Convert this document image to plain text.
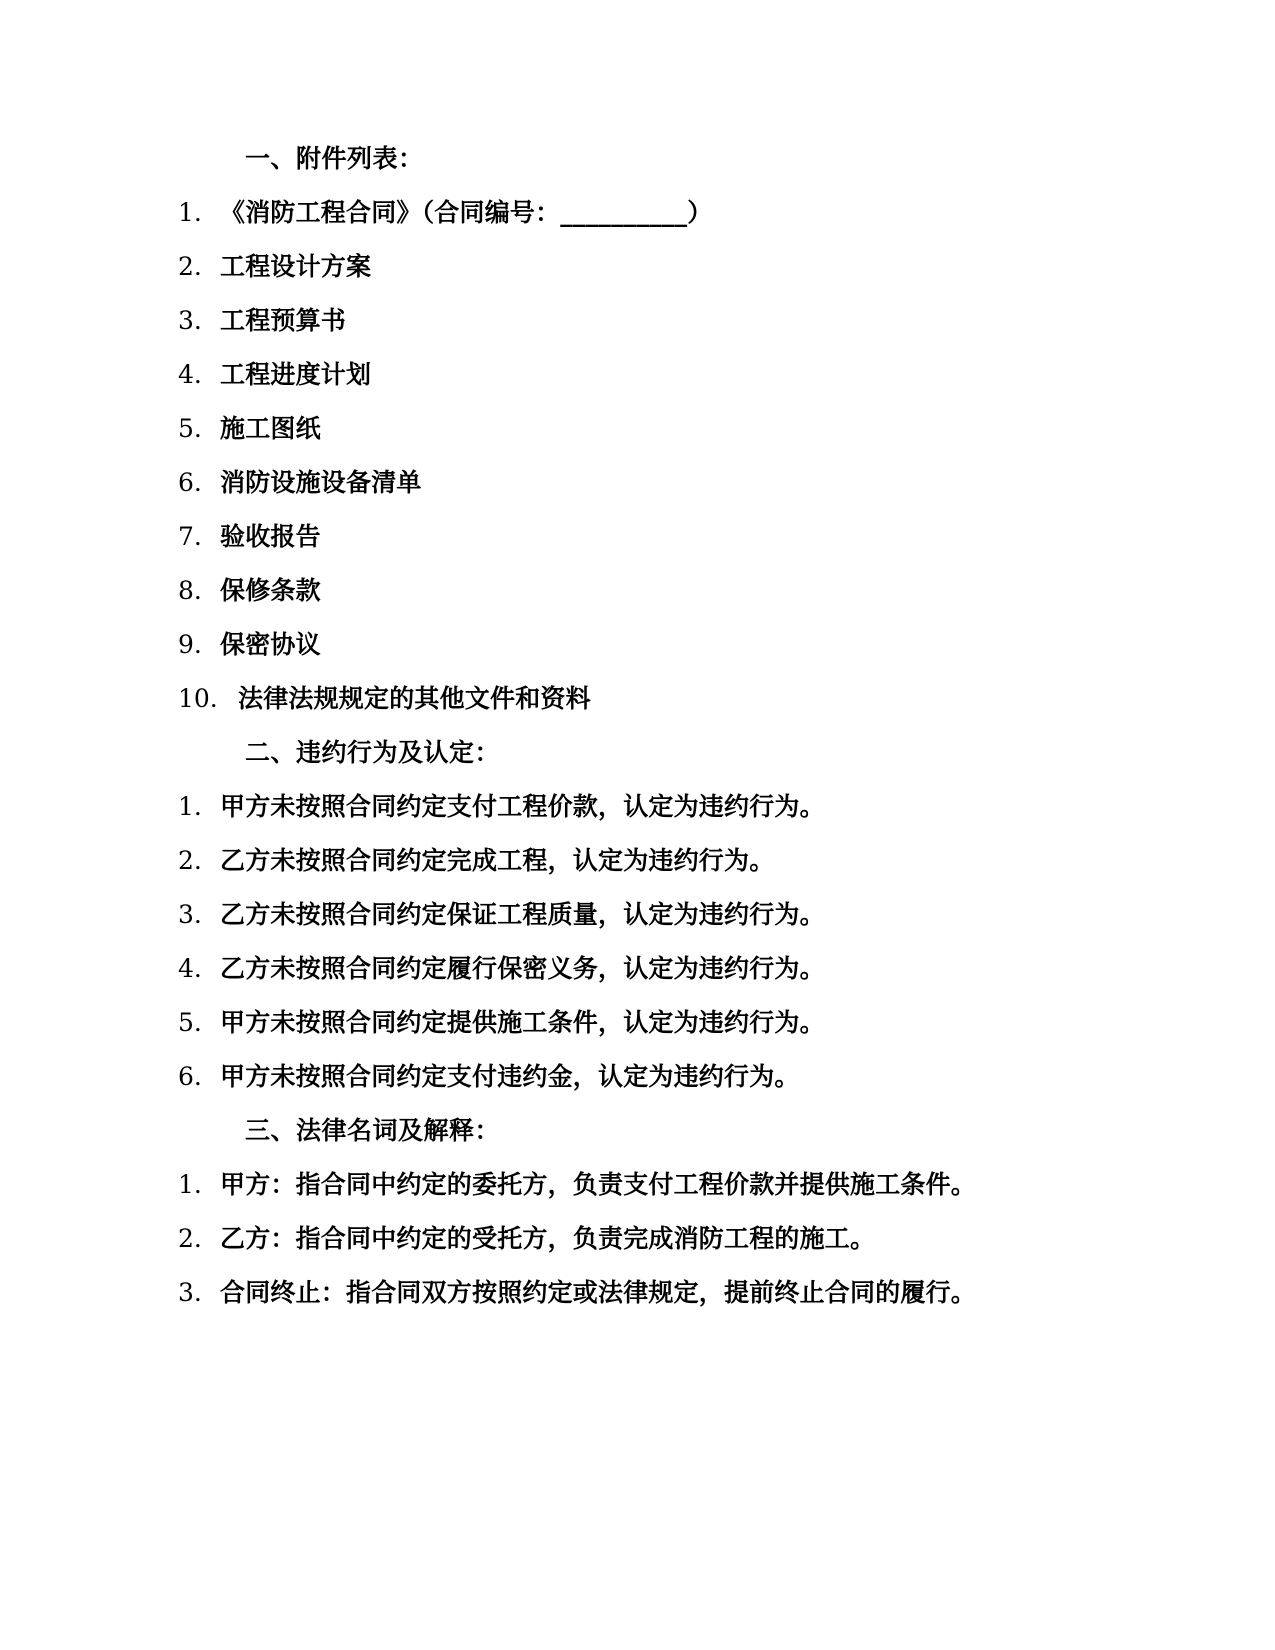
一、附件列表：

1. 《消防工程合同》（合同编号：__________）
2. 工程设计方案
3. 工程预算书
4. 工程进度计划
5. 施工图纸
6. 消防设施设备清单
7. 验收报告
8. 保修条款
9. 保密协议
10. 法律法规规定的其他文件和资料

二、违约行为及认定：

1. 甲方未按照合同约定支付工程价款，认定为违约行为。
2. 乙方未按照合同约定完成工程，认定为违约行为。
3. 乙方未按照合同约定保证工程质量，认定为违约行为。
4. 乙方未按照合同约定履行保密义务，认定为违约行为。
5. 甲方未按照合同约定提供施工条件，认定为违约行为。
6. 甲方未按照合同约定支付违约金，认定为违约行为。

三、法律名词及解释：

1. 甲方：指合同中约定的委托方，负责支付工程价款并提供施工条件。
2. 乙方：指合同中约定的受托方，负责完成消防工程的施工。
3. 合同终止：指合同双方按照约定或法律规定，提前终止合同的履行。
